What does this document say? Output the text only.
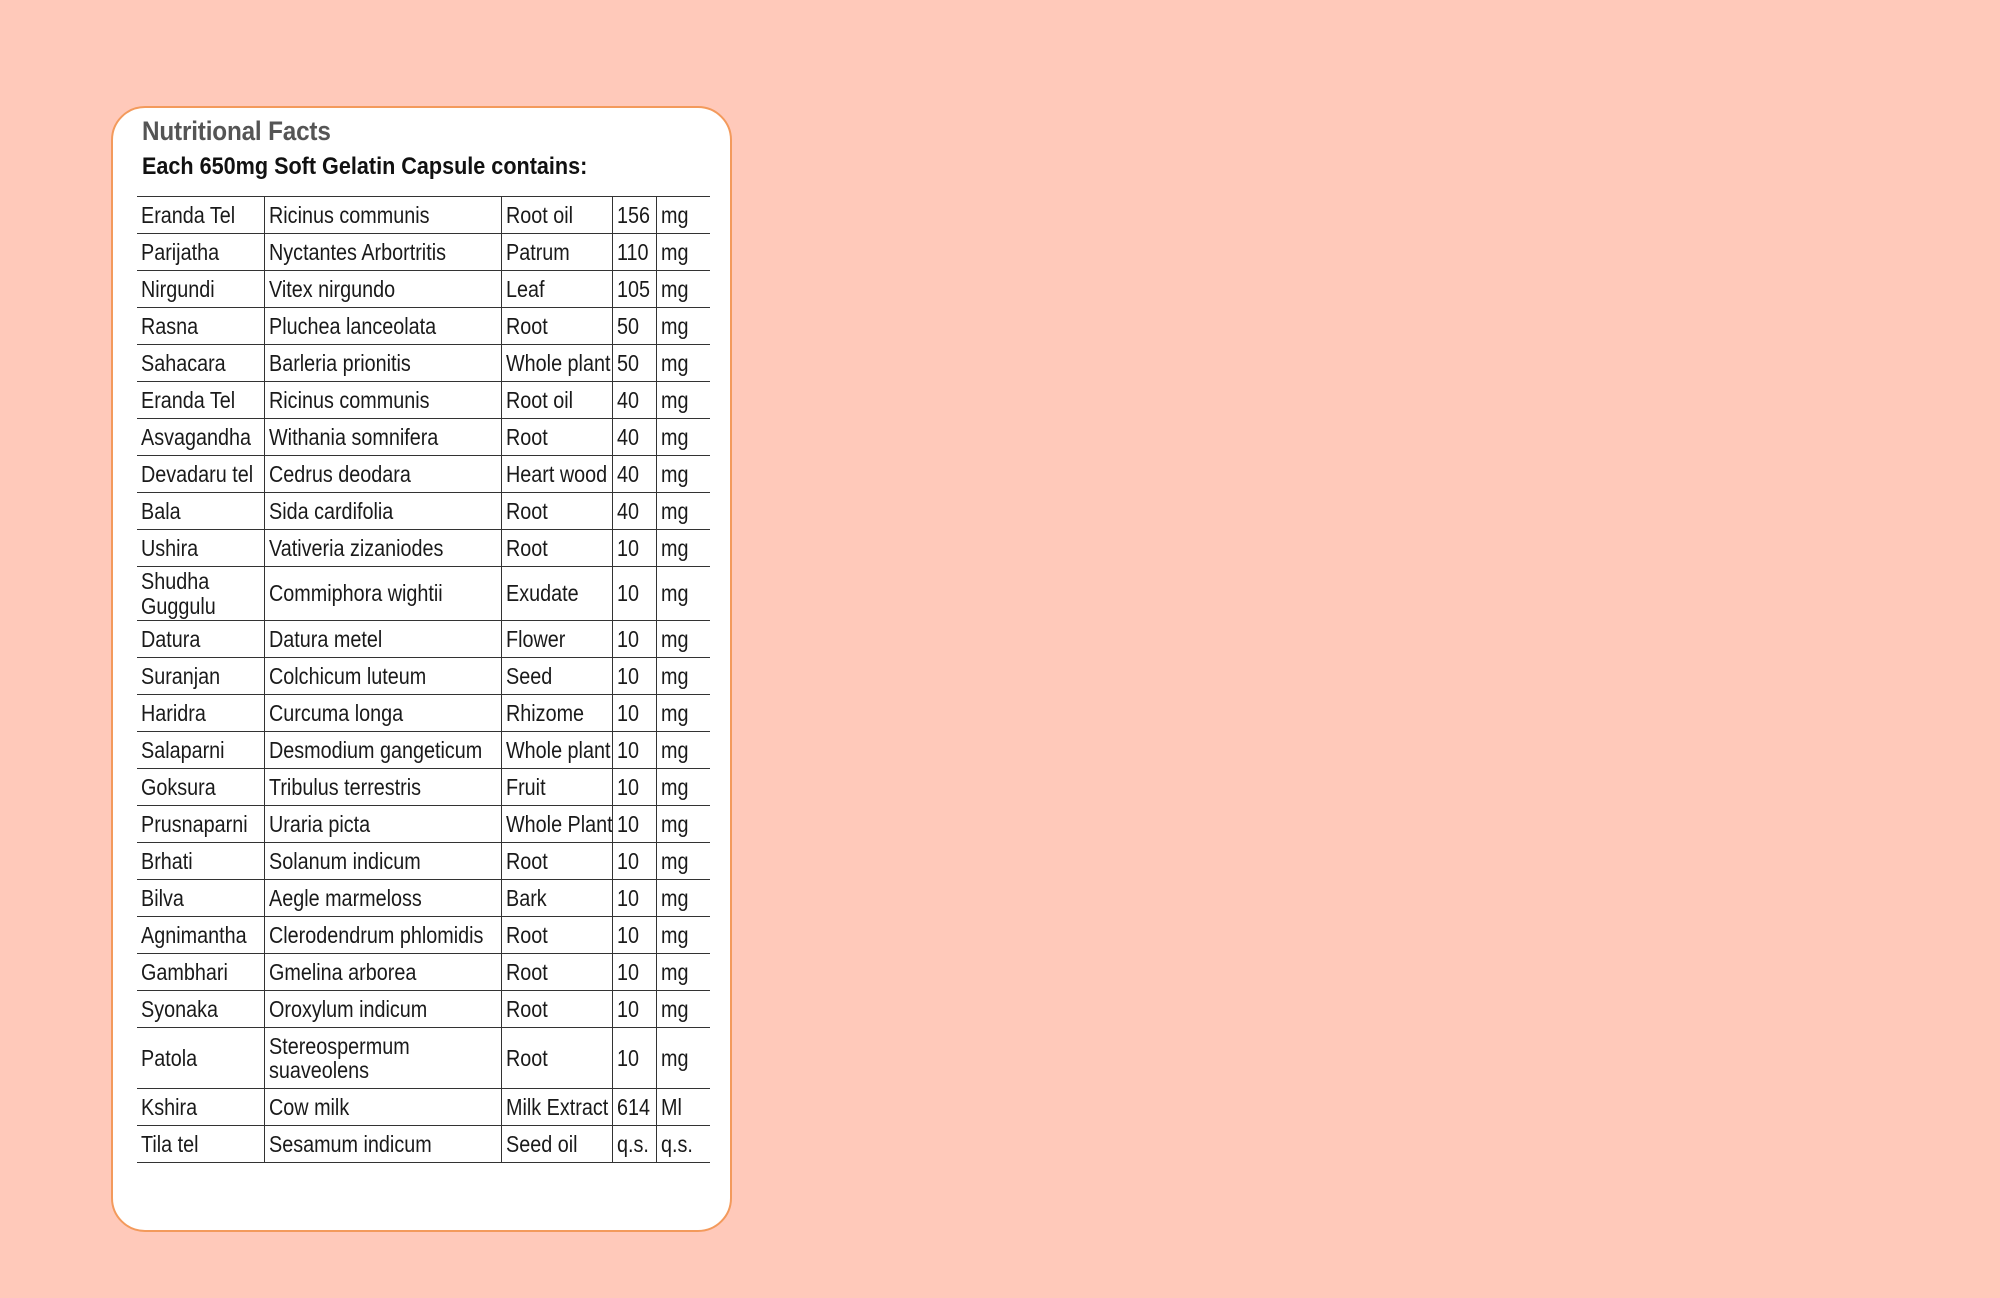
Nutritional Facts
Each 650mg Soft Gelatin Capsule contains:
Eranda Tel	Ricinus communis	Root oil	156	mg
Parijatha	Nyctantes Arbortritis	Patrum	110	mg
Nirgundi	Vitex nirgundo	Leaf	105	mg
Rasna	Pluchea lanceolata	Root	50	mg
Sahacara	Barleria prionitis	Whole plant	50	mg
Eranda Tel	Ricinus communis	Root oil	40	mg
Asvagandha	Withania somnifera	Root	40	mg
Devadaru tel	Cedrus deodara	Heart wood	40	mg
Bala	Sida cardifolia	Root	40	mg
Ushira	Vativeria zizaniodes	Root	10	mg
Shudha Guggulu	Commiphora wightii	Exudate	10	mg
Datura	Datura metel	Flower	10	mg
Suranjan	Colchicum luteum	Seed	10	mg
Haridra	Curcuma longa	Rhizome	10	mg
Salaparni	Desmodium gangeticum	Whole plant	10	mg
Goksura	Tribulus terrestris	Fruit	10	mg
Prusnaparni	Uraria picta	Whole Plant	10	mg
Brhati	Solanum indicum	Root	10	mg
Bilva	Aegle marmeloss	Bark	10	mg
Agnimantha	Clerodendrum phlomidis	Root	10	mg
Gambhari	Gmelina arborea	Root	10	mg
Syonaka	Oroxylum indicum	Root	10	mg
Patola	Stereospermum suaveolens	Root	10	mg
Kshira	Cow milk	Milk Extract	614	Ml
Tila tel	Sesamum indicum	Seed oil	q.s.	q.s.
